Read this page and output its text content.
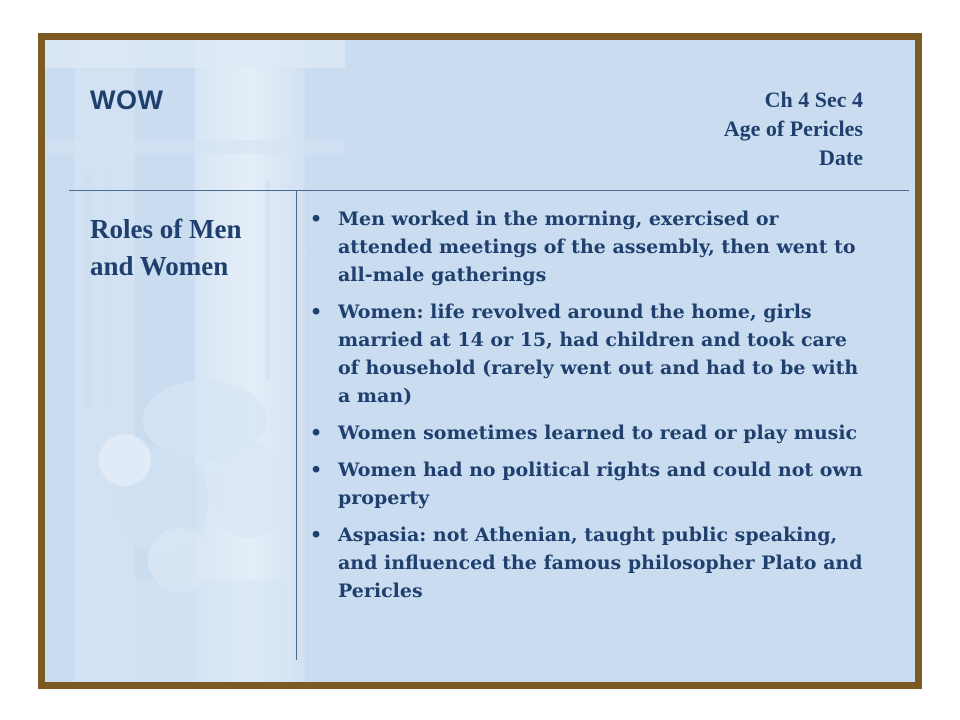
WOW	Ch 4 Sec 4
Age of Pericles
Date
Roles of Men and Women
• Men worked in the morning, exercised or attended meetings of the assembly, then went to all-male gatherings
• Women: life revolved around the home, girls married at 14 or 15, had children and took care of household (rarely went out and had to be with a man)
• Women sometimes learned to read or play music
• Women had no political rights and could not own property
• Aspasia: not Athenian, taught public speaking, and influenced the famous philosopher Plato and Pericles
